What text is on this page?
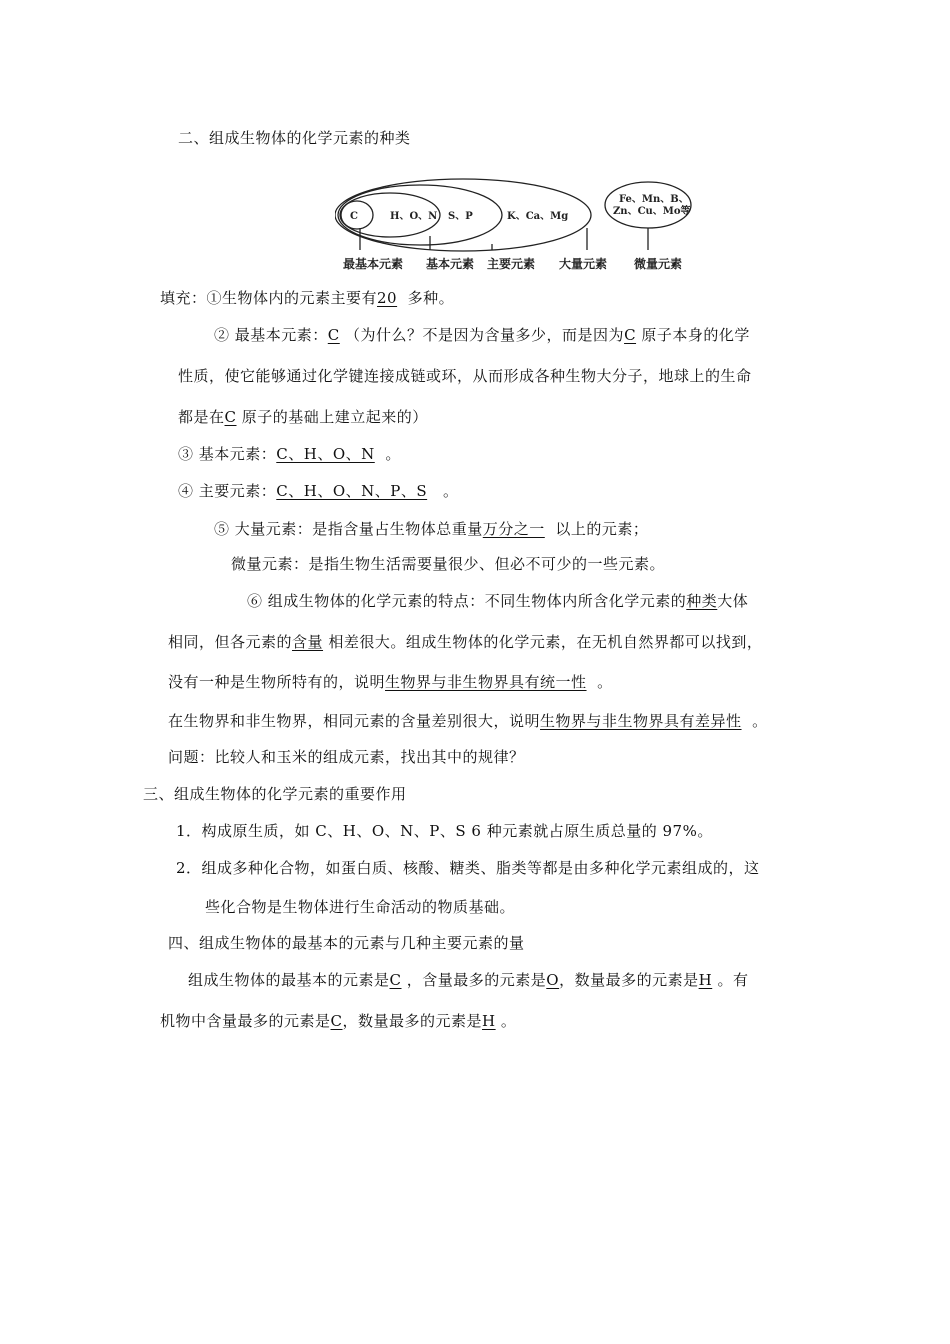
二、组成生物体的化学元素的种类
C	H、O、N S、P	K、Ca、Mg
Fe、Mn、B、
Zn、Cu、Mo等
最基本元素 基本元素 主要元素 大量元素 微量元素
填充：①生物体内的元素主要有20 多种。
② 最基本元素：C （为什么？不是因为含量多少，而是因为C 原子本身的化学
性质，使它能够通过化学键连接成链或环，从而形成各种生物大分子，地球上的生命
都是在C 原子的基础上建立起来的）
③ 基本元素：C、H、O、N 。
④ 主要元素：C、H、O、N、P、S 。
⑤ 大量元素：是指含量占生物体总重量万分之一 以上的元素；
微量元素：是指生物生活需要量很少、但必不可少的一些元素。
⑥ 组成生物体的化学元素的特点：不同生物体内所含化学元素的种类大体
相同，但各元素的含量 相差很大。组成生物体的化学元素，在无机自然界都可以找到，
没有一种是生物所特有的，说明生物界与非生物界具有统一性 。
在生物界和非生物界，相同元素的含量差别很大，说明生物界与非生物界具有差异性 。
问题：比较人和玉米的组成元素，找出其中的规律？
三、组成生物体的化学元素的重要作用
1．构成原生质，如 C、H、O、N、P、S 6 种元素就占原生质总量的 97%。
2．组成多种化合物，如蛋白质、核酸、糖类、脂类等都是由多种化学元素组成的，这
些化合物是生物体进行生命活动的物质基础。
四、组成生物体的最基本的元素与几种主要元素的量
组成生物体的最基本的元素是C ，含量最多的元素是O，数量最多的元素是H 。有
机物中含量最多的元素是C，数量最多的元素是H 。
